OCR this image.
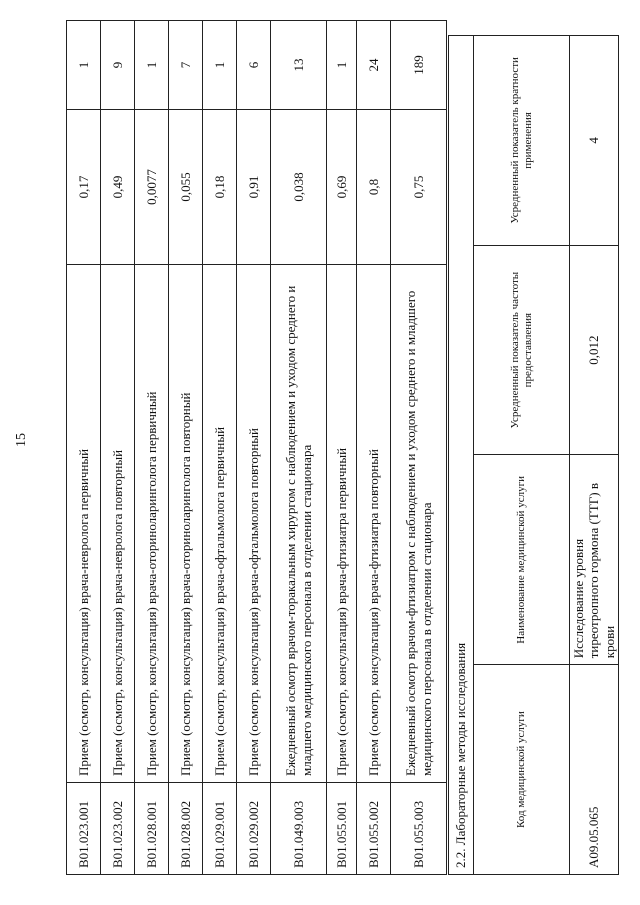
15
B01.023.001	Прием (осмотр, консультация) врача-невролога первичный	0,17	1
B01.023.002	Прием (осмотр, консультация) врача-невролога повторный	0,49	9
B01.028.001	Прием (осмотр, консультация) врача-оториноларинголога первичный	0,0077	1
B01.028.002	Прием (осмотр, консультация) врача-оториноларинголога повторный	0,055	7
B01.029.001	Прием (осмотр, консультация) врача-офтальмолога первичный	0,18	1
B01.029.002	Прием (осмотр, консультация) врача-офтальмолога повторный	0,91	6
B01.049.003	Ежедневный осмотр врачом-торакальным хирургом с наблюдением и уходом среднего и младшего медицинского персонала в отделении стационара	0,038	13
B01.055.001	Прием (осмотр, консультация) врача-фтизиатра первичный	0,69	1
B01.055.002	Прием (осмотр, консультация) врача-фтизиатра повторный	0,8	24
B01.055.003	Ежедневный осмотр врачом-фтизиатром с наблюдением и уходом среднего и младшего медицинского персонала в отделении стационара	0,75	189
2.2. Лабораторные методы исследования			
Код медицинской услуги	Наименование медицинской услуги	Усредненный показатель частоты предоставления	Усредненный показатель кратности применения
A09.05.065	Исследование уровня тиреотропного гормона (ТТГ) в крови	0,012	4
